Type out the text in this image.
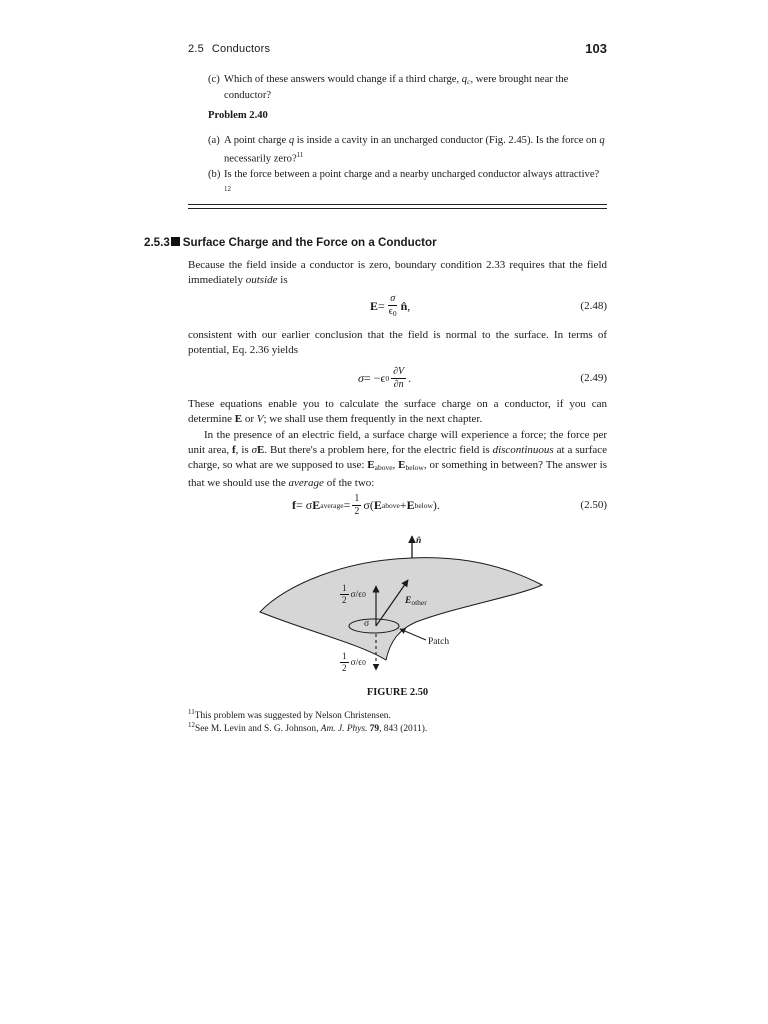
2.5 Conductors	103
(c) Which of these answers would change if a third charge, $q_c$, were brought near the conductor?
Problem 2.40
(a) A point charge q is inside a cavity in an uncharged conductor (Fig. 2.45). Is the force on q necessarily zero?$^{11}$
(b) Is the force between a point charge and a nearby uncharged conductor always attractive?$^{12}$
2.5.3 Surface Charge and the Force on a Conductor

Because the field inside a conductor is zero, boundary condition 2.33 requires that the field immediately outside is

$E = \frac{\sigma}{\epsilon_0}$ n̂ ,	(2.48)

consistent with our earlier conclusion that the field is normal to the surface. In terms of potential, Eq. 2.36 yields

σ = − ϵ $0 \frac{\partial V}{\partial n}$ .	(2.49)

These equations enable you to calculate the surface charge on a conductor, if you can determine E or V; we shall use them frequently in the next chapter.

In the presence of an electric field, a surface charge will experience a force; the force per unit area, f, is σE. But there's a problem here, for the electric field is discontinuous at a surface charge, so what are we supposed to use: $E_{above}$, $E_{below}$, or something in between? The answer is that we should use the average of the two:

f = σ E average = $\frac{1}{2}$ σ ( E above + E below ).	(2.50)
n̂
$\frac{1}{2} \sigma/\epsilon$ 0
$E_{other}$
σ
Patch
$\frac{1}{2} \sigma/\epsilon$ 0
FIGURE 2.50
$^{11}$This problem was suggested by Nelson Christensen.
$^{12}$See M. Levin and S. G. Johnson, Am. J. Phys. 79, 843 (2011).
